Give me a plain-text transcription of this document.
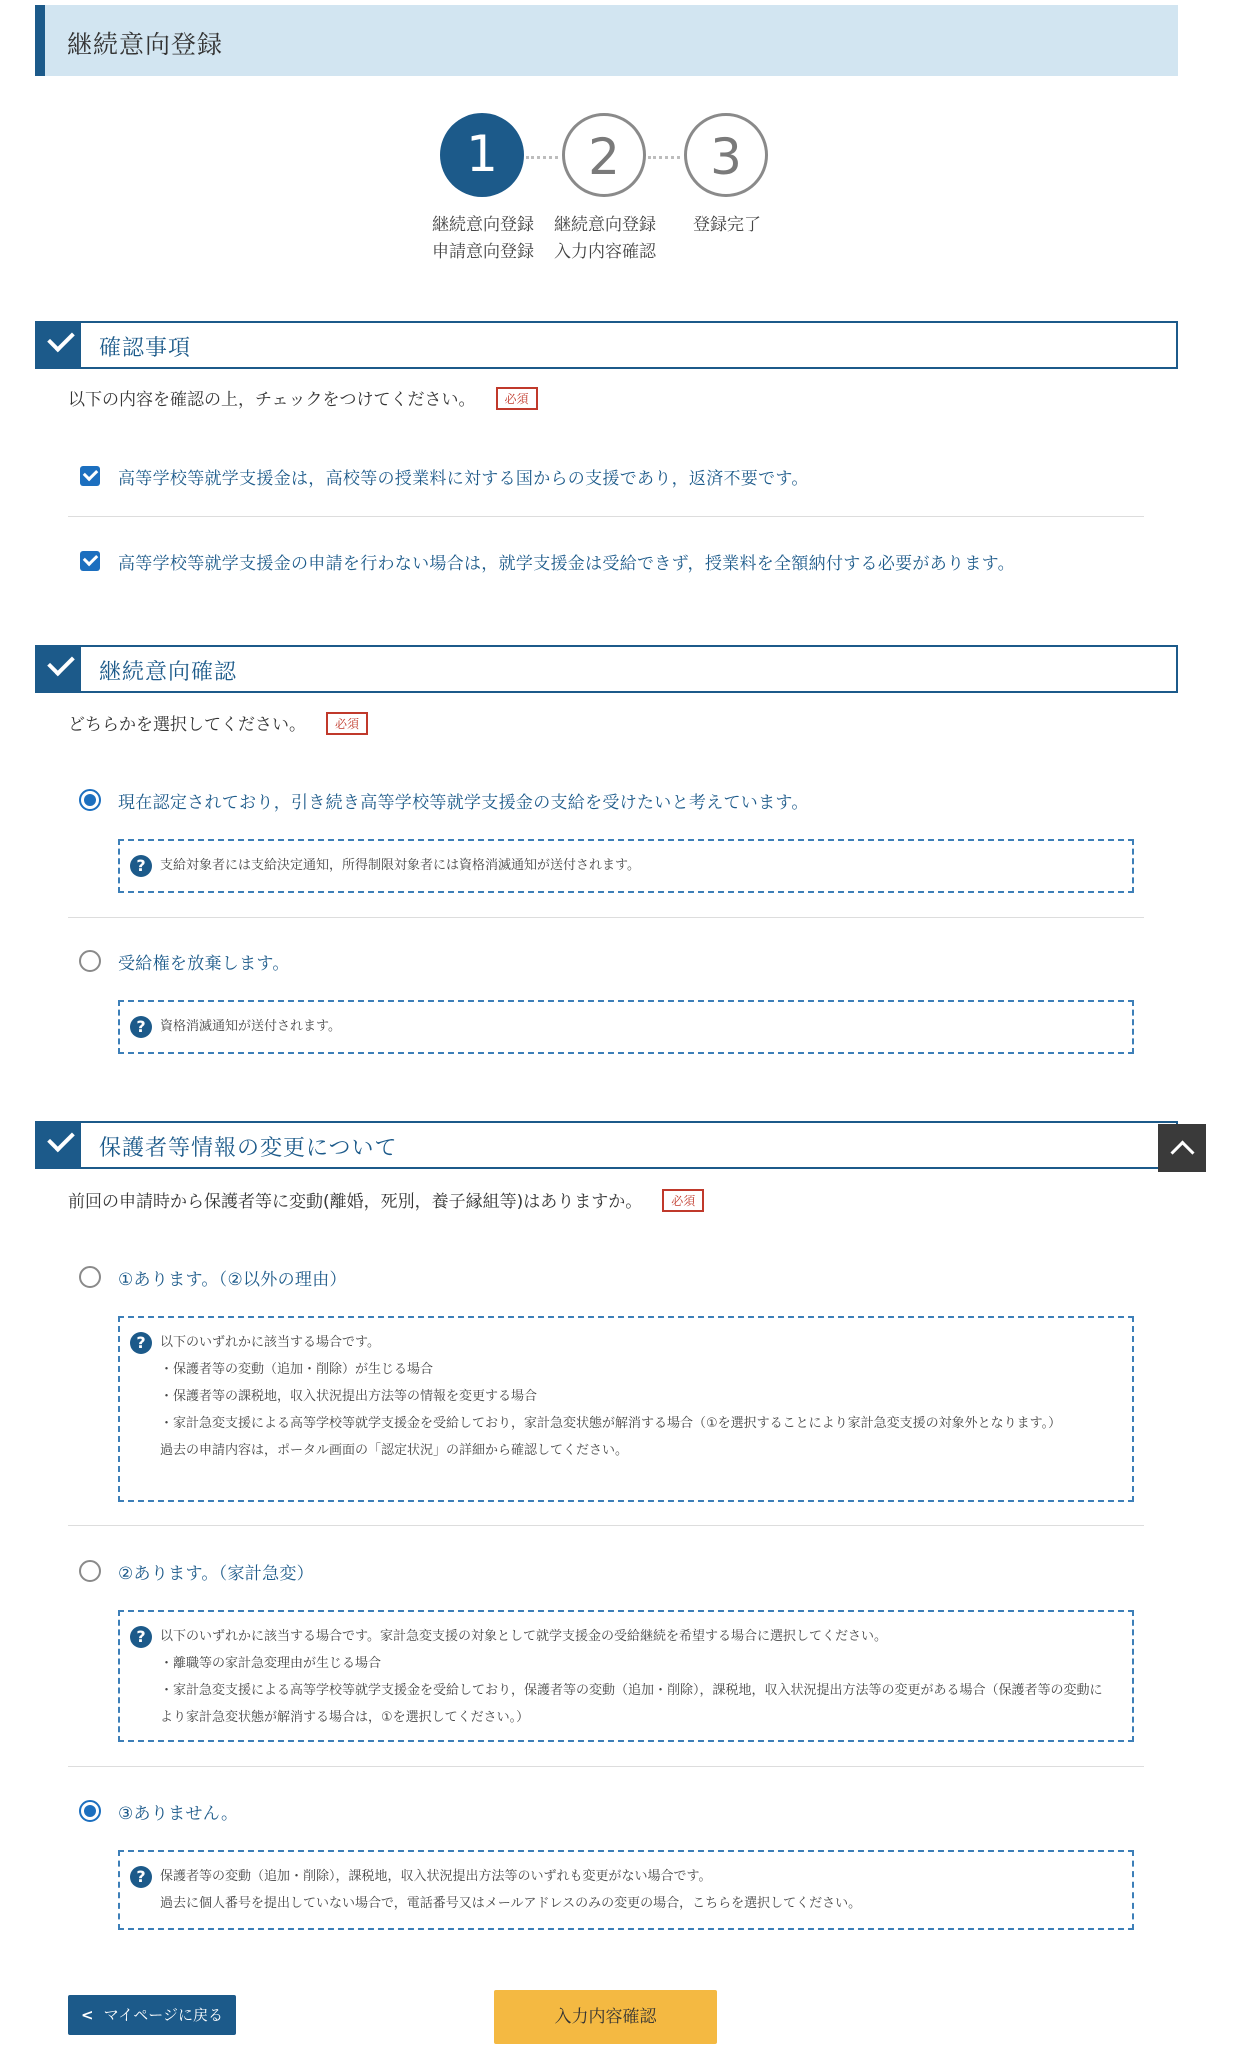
継続意向登録
1	2	3
継続意向登録
申請意向登録
継続意向登録
入力内容確認
登録完了
確認事項
以下の内容を確認の上，チェックをつけてください。 必須
高等学校等就学支援金は，高校等の授業料に対する国からの支援であり，返済不要です。
高等学校等就学支援金の申請を行わない場合は，就学支援金は受給できず，授業料を全額納付する必要があります。
継続意向確認
どちらかを選択してください。 必須
現在認定されており，引き続き高等学校等就学支援金の支給を受けたいと考えています。
?	支給対象者には支給決定通知，所得制限対象者には資格消滅通知が送付されます。
受給権を放棄します。
?	資格消滅通知が送付されます。
保護者等情報の変更について
前回の申請時から保護者等に変動(離婚，死別，養子縁組等)はありますか。 必須
①あります。（②以外の理由）
?	以下のいずれかに該当する場合です。
・保護者等の変動（追加・削除）が生じる場合
・保護者等の課税地，収入状況提出方法等の情報を変更する場合
・家計急変支援による高等学校等就学支援金を受給しており，家計急変状態が解消する場合（①を選択することにより家計急変支援の対象外となります。）
過去の申請内容は，ポータル画面の「認定状況」の詳細から確認してください。
②あります。（家計急変）
?	以下のいずれかに該当する場合です。家計急変支援の対象として就学支援金の受給継続を希望する場合に選択してください。
・離職等の家計急変理由が生じる場合
・家計急変支援による高等学校等就学支援金を受給しており，保護者等の変動（追加・削除），課税地，収入状況提出方法等の変更がある場合（保護者等の変動により家計急変状態が解消する場合は，①を選択してください。）
③ありません。
?	保護者等の変動（追加・削除），課税地，収入状況提出方法等のいずれも変更がない場合です。
過去に個人番号を提出していない場合で，電話番号又はメールアドレスのみの変更の場合，こちらを選択してください。
< マイページに戻る	入力内容確認
